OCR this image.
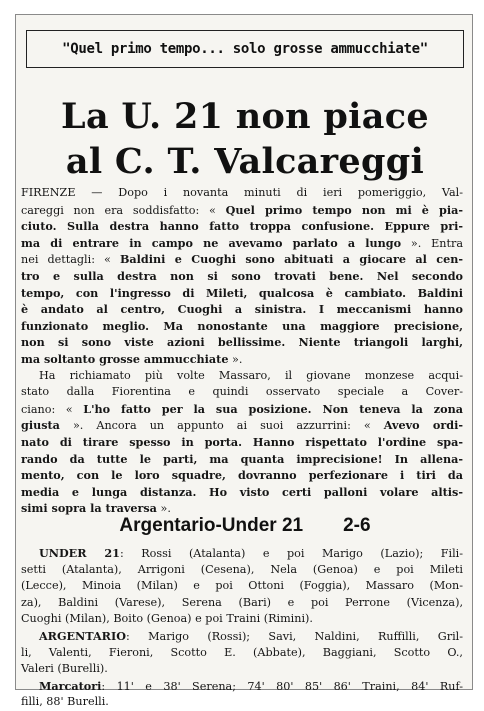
"Quel primo tempo... solo grosse ammucchiate"
La U. 21 non piace
al C. T. Valcareggi
FIRENZE — Dopo i novanta minuti di ieri pomeriggio, Val-
careggi non era soddisfatto: « Quel primo tempo non mi è pia-
ciuto. Sulla destra hanno fatto troppa confusione. Eppure pri-
ma di entrare in campo ne avevamo parlato a lungo ». Entra
nei dettagli: « Baldini e Cuoghi sono abituati a giocare al cen-
tro e sulla destra non si sono trovati bene. Nel secondo
tempo, con l'ingresso di Mileti, qualcosa è cambiato. Baldini
è andato al centro, Cuoghi a sinistra. I meccanismi hanno
funzionato meglio. Ma nonostante una maggiore precisione,
non si sono viste azioni bellissime. Niente triangoli larghi,
ma soltanto grosse ammucchiate ».
Ha richiamato più volte Massaro, il giovane monzese acqui-
stato dalla Fiorentina e quindi osservato speciale a Cover-
ciano: « L'ho fatto per la sua posizione. Non teneva la zona
giusta ». Ancora un appunto ai suoi azzurrini: « Avevo ordi-
nato di tirare spesso in porta. Hanno rispettato l'ordine spa-
rando da tutte le parti, ma quanta imprecisione! In allena-
mento, con le loro squadre, dovranno perfezionare i tiri da
media e lunga distanza. Ho visto certi palloni volare altis-
simi sopra la traversa ».
Argentario-Under 21 2-6
UNDER 21: Rossi (Atalanta) e poi Marigo (Lazio); Fili-
setti (Atalanta), Arrigoni (Cesena), Nela (Genoa) e poi Mileti
(Lecce), Minoia (Milan) e poi Ottoni (Foggia), Massaro (Mon-
za), Baldini (Varese), Serena (Bari) e poi Perrone (Vicenza),
Cuoghi (Milan), Boito (Genoa) e poi Traini (Rimini).
ARGENTARIO: Marigo (Rossi); Savi, Naldini, Ruffilli, Gril-
li, Valenti, Fieroni, Scotto E. (Abbate), Baggiani, Scotto O.,
Valeri (Burelli).
Marcatori: 11' e 38' Serena; 74' 80' 85' 86' Traini, 84' Ruf-
filli, 88' Burelli.
